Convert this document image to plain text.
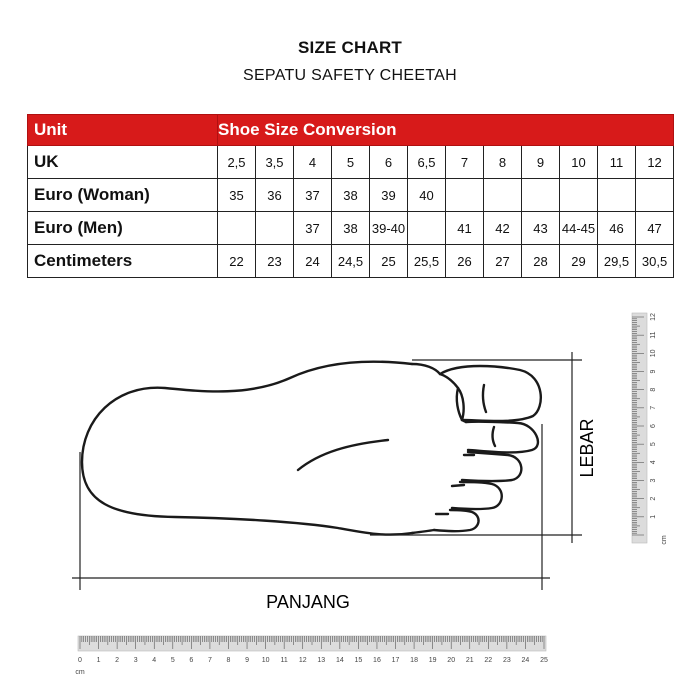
SIZE CHART
SEPATU SAFETY CHEETAH
Unit	Shoe Size Conversion											
UK	2,5	3,5	4	5	6	6,5	7	8	9	10	11	12
Euro (Woman)	35	36	37	38	39	40						
Euro (Men)			37	38	39-40		41	42	43	44-45	46	47
Centimeters	22	23	24	24,5	25	25,5	26	27	28	29	29,5	30,5
PANJANG
LEBAR
0 1 2 3 4 5 6 7 8 9 10 11 12 13 14 15 16 17 18 19 20 21 22 23 24 25
cm
1
2
3
4
5
6
7
8
9
10
11
12
cm
